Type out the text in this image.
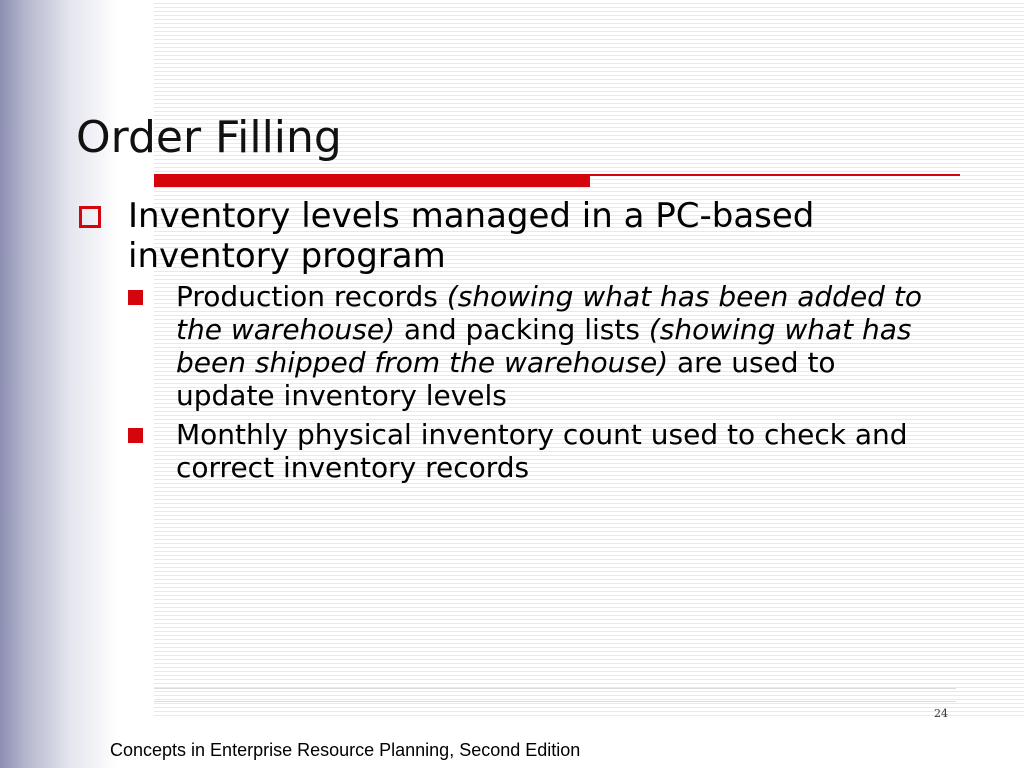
Order Filling
Inventory levels managed in a PC-based inventory program
Production records (showing what has been added to the warehouse) and packing lists (showing what has been shipped from the warehouse) are used to update inventory levels
Monthly physical inventory count used to check and correct inventory records
24
Concepts in Enterprise Resource Planning, Second Edition
